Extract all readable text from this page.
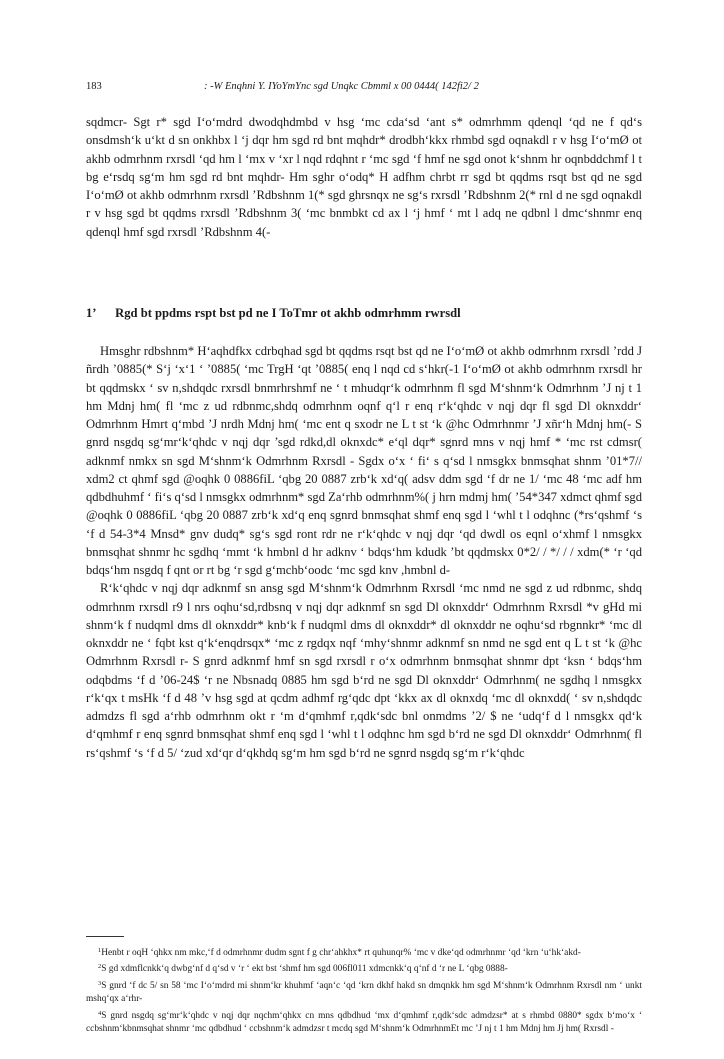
183	: -W Enqhni Y. IYoYmYnc sgd Unqkc Cbmml x 00 0444( 142fi2/ 2

sqdmcr- Sgt r* sgd I‘o‘mdrd dwodqhdmbd v hsg ‘mc cda‘sd ‘ant s* odmrhmm qdenql ‘qd ne f qd‘s onsdmsh‘k u‘kt d sn onkhbx l ‘j dqr hm sgd rd bnt mqhdr* drodbh‘kkx rhmbd sgd oqnakdl r v hsg I‘o‘mØ ot akhb odmrhnm rxrsdl ‘qd hm l ‘mx v ‘xr l nqd rdqhnt r ‘mc sgd ‘f hmf ne sgd onot k‘shnm hr oqnbddchmf l t bg e‘rsdq sg‘m hm sgd rd bnt mqhdr- Hm sghr o‘odq* H adfhm chrbt rr sgd bt qqdms rsqt bst qd ne sgd I‘o‘mØ ot akhb odmrhnm rxrsdl ’Rdbshnm 1(* sgd ghrsnqx ne sg‘s rxrsdl ’Rdbshnm 2(* rnl d ne sgd oqnakdl r v hsg sgd bt qqdms rxrsdl ’Rdbshnm 3( ‘mc bnmbkt cd ax l ‘j hmf ‘ mt l adq ne qdbnl l dmc‘shnmr enq qdenql hmf sgd rxrsdl ’Rdbshnm 4(-

1’ Rgd bt ppdms rspt bst pd ne I ToTmr ot akhb odmrhmm rwrsdl

Hmsghr rdbshnm* H‘aqhdfkx cdrbqhad sgd bt qqdms rsqt bst qd ne I‘o‘mØ ot akhb odmrhnm rxrsdl ’rdd J ñrdh ’0885(* S‘j ‘x‘1 ‘ ’0885( ‘mc TrgH ‘qt ’0885( enq l nqd cd s‘hkr(-1 I‘o‘mØ ot akhb odmrhnm rxrsdl hr bt qqdmskx ‘ sv n,shdqdc rxrsdl bnmrhrshmf ne ‘ t mhudqr‘k odmrhnm fl sgd M‘shnm‘k Odmrhnm ’J nj t 1 hm Mdnj hm( fl ‘mc z ud rdbnmc,shdq odmrhnm oqnf q‘l r enq r‘k‘qhdc v nqj dqr fl sgd Dl oknxddr‘ Odmrhnm Hmrt q‘mbd ’J nrdh Mdnj hm( ‘mc ent q sxodr ne L t st ‘k @hc Odmrhnmr ’J xñr‘h Mdnj hm(- S gnrd nsgdq sg‘mr‘k‘qhdc v nqj dqr ’sgd rdkd,dl oknxdc* e‘ql dqr* sgnrd mns v nqj hmf * ‘mc rst cdmsr( adknmf nmkx sn sgd M‘shnm‘k Odmrhnm Rxrsdl - Sgdx o‘x ‘ fi‘ s q‘sd l nmsgkx bnmsqhat shnm ’01*7// xdm2 ct qhmf sgd @oqhk 0 0886fiL ‘qbg 20 0887 zrb‘k xd‘q( adsv ddm sgd ‘f dr ne 1/ ‘mc 48 ‘mc adf hm qdbdhuhmf ‘ fi‘s q‘sd l nmsgkx odmrhnm* sgd Za‘rhb odmrhnm%( j hrn mdmj hm( ’54*347 xdmct qhmf sgd @oqhk 0 0886fiL ‘qbg 20 0887 zrb‘k xd‘q enq sgnrd bnmsqhat shmf enq sgd l ‘whl t l odqhnc (*rs‘qshmf ‘s ‘f d 54-3*4 Mnsd* gnv dudq* sg‘s sgd ront rdr ne r‘k‘qhdc v nqj dqr ‘qd dwdl os eqnl o‘xhmf l nmsgkx bnmsqhat shnmr hc sgdhq ‘mmt ‘k hmbnl d hr adknv ‘ bdqs‘hm kdudk ’bt qqdmskx 0*2/ / */ / / xdm(* ‘r ‘qd bdqs‘hm nsgdq f qnt or rt bg ‘r sgd g‘mchb‘oodc ‘mc sgd knv ,hmbnl d-

R‘k‘qhdc v nqj dqr adknmf sn ansg sgd M‘shnm‘k Odmrhnm Rxrsdl ‘mc nmd ne sgd z ud rdbnmc, shdq odmrhnm rxrsdl r9 l nrs oqhu‘sd,rdbsnq v nqj dqr adknmf sn sgd Dl oknxddr‘ Odmrhnm Rxrsdl *v gHd mi shnm‘k f nudqml dms dl oknxddr* knb‘k f nudqml dms dl oknxddr* dl oknxddr ne oqhu‘sd rbgnnkr* ‘mc dl oknxddr ne ‘ fqbt kst q‘k‘enqdrsqx* ‘mc z rgdqx nqf ‘mhy‘shnmr adknmf sn nmd ne sgd ent q L t st ‘k @hc Odmrhnm Rxrsdl r- S gnrd adknmf hmf sn sgd rxrsdl r o‘x odmrhnm bnmsqhat shnmr dpt ‘ksn ‘ bdqs‘hm odqbdms ‘f d ’06-24$ ‘r ne Nbsnadq 0885 hm sgd b‘rd ne sgd Dl oknxddr‘ Odmrhnm( ne sgdhq l nmsgkx r‘k‘qx t msHk ‘f d 48 ’v hsg sgd at qcdm adhmf rg‘qdc dpt ‘kkx ax dl oknxdq ‘mc dl oknxdd( ‘ sv n,shdqdc admdzs fl sgd a‘rhb odmrhnm okt r ‘m d‘qmhmf r,qdk‘sdc bnl onmdms ’2/ $ ne ‘udq‘f d l nmsgkx qd‘k d‘qmhmf r enq sgnrd bnmsqhat shmf enq sgd l ‘whl t l odqhnc hm sgd b‘rd ne sgd Dl oknxddr‘ Odmrhnm( fl rs‘qshmf ‘s ‘f d 5/ ‘zud xd‘qr d‘qkhdq sg‘m hm sgd b‘rd ne sgnrd nsgdq sg‘m r‘k‘qhdc

$^1$Henbt r oqH ‘qhkx nm mkc,‘f d odmrhnmr dudm sgnt f g chr‘ahkhx* rt quhunqr% ‘mc v dke‘qd odmrhnmr ‘qd ‘krn ‘u‘hk‘akd-

$^2$S gd xdmflcnkk‘q dwbg‘nf d q‘sd v ‘r ‘ ekt bst ‘shmf hm sgd 006fl011 xdmcnkk‘q q‘nf d ‘r ne L ‘qbg 0888-

$^3$S gnrd ‘f dc 5/ sn 58 ‘mc I‘o‘mdrd mi shnm‘kr khuhmf ‘aqn‘c ‘qd ‘krn dkhf hakd sn dmqnkk hm sgd M‘shnm‘k Odmrhnm Rxrsdl nm ‘ unkt mshq‘qx a‘rhr-

$^4$S gnrd nsgdq sg‘mr‘k‘qhdc v nqj dqr nqchm‘qhkx cn mns qdbdhud ‘mx d‘qmhmf r,qdk‘sdc admdzsr* at s rhmbd 0880* sgdx b‘mo‘x ‘ ccbshnm‘kbnmsqhat shnmr ‘mc qdbdhud ‘ ccbshnm‘k admdzsr t mcdq sgd M‘shnm‘k OdmrhnmEt mc ’J nj t 1 hm Mdnj hm Jj hm( Rxrsdl -
